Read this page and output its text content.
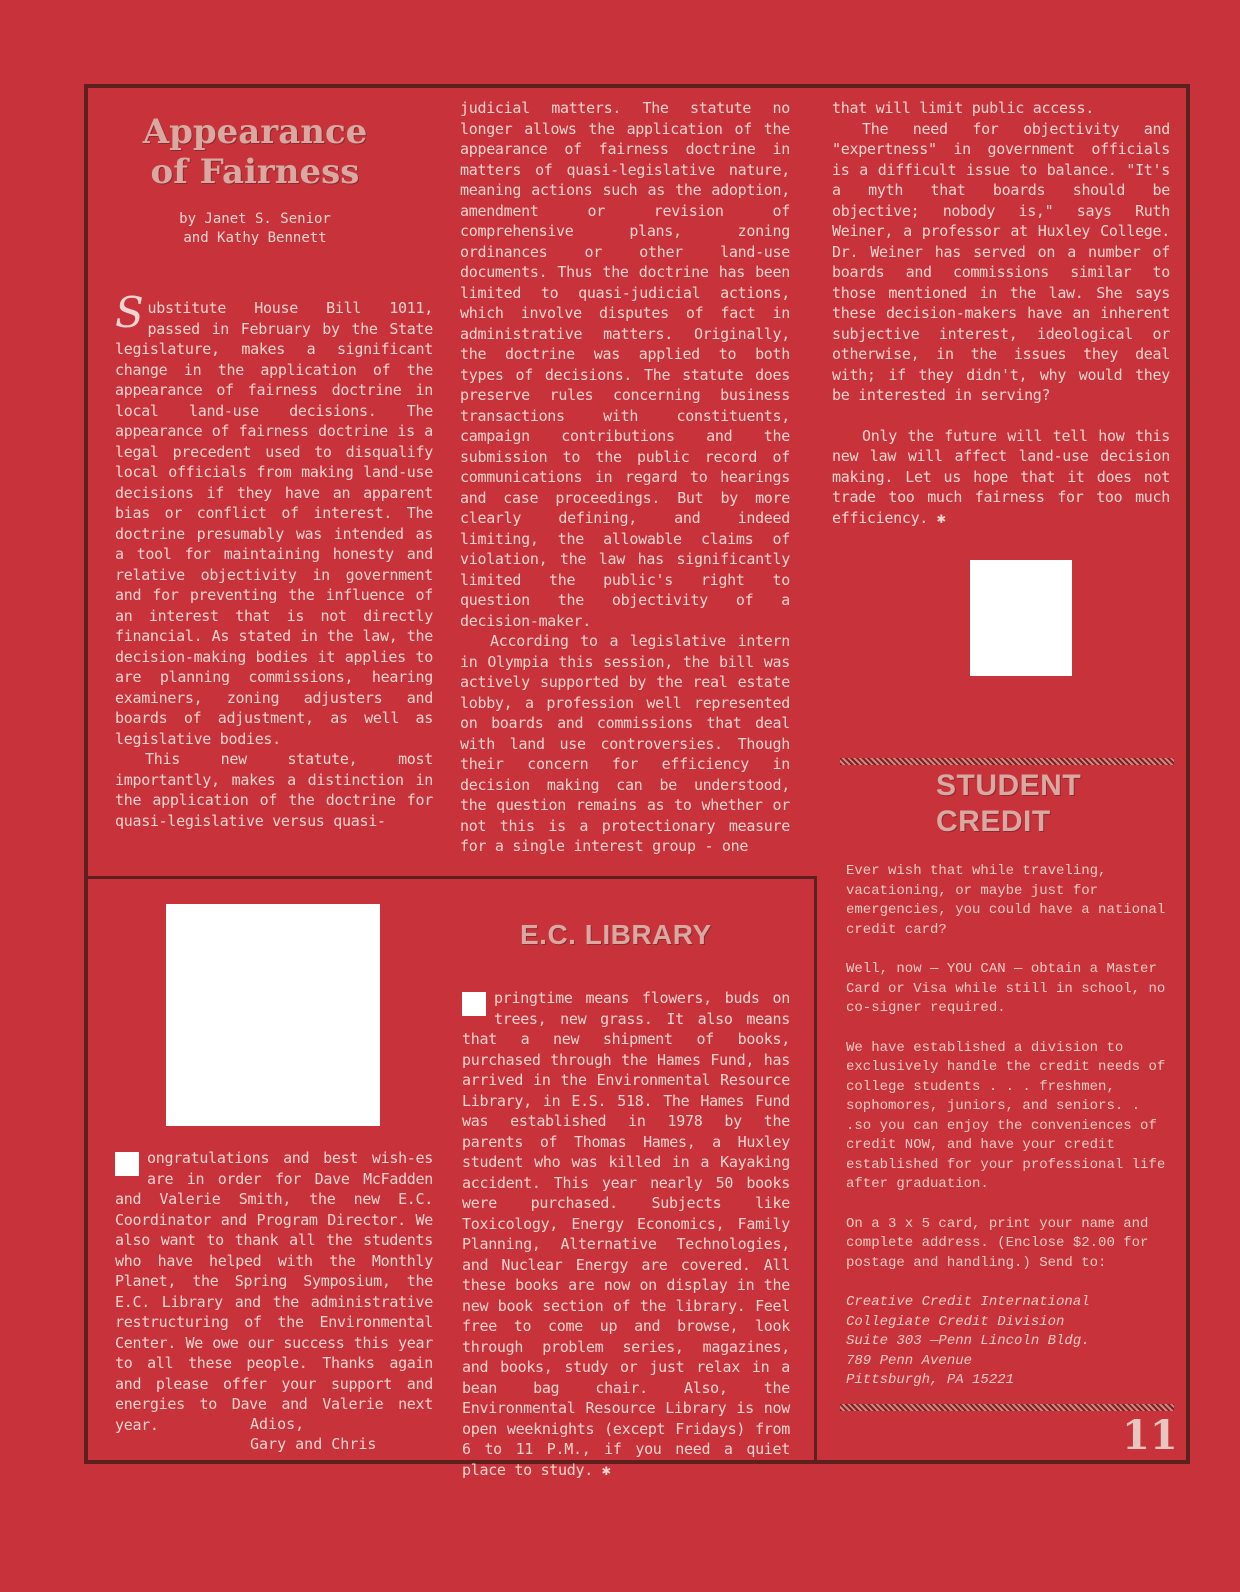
Appearance
of Fairness
by Janet S. Senior
and Kathy Bennett

Substitute House Bill 1011, passed in February by the State legislature, makes a significant change in the application of the appearance of fairness doctrine in local land-use decisions. The appearance of fairness doctrine is a legal precedent used to disqualify local officials from making land-use decisions if they have an apparent bias or conflict of interest. The doctrine presumably was intended as a tool for maintaining honesty and relative objectivity in government and for preventing the influence of an interest that is not directly financial. As stated in the law, the decision-making bodies it applies to are planning commissions, hearing examiners, zoning adjusters and boards of adjustment, as well as legislative bodies.

This new statute, most importantly, makes a distinction in the application of the doctrine for quasi-legislative versus quasi-

judicial matters. The statute no longer allows the application of the appearance of fairness doctrine in matters of quasi-legislative nature, meaning actions such as the adoption, amendment or revision of comprehensive plans, zoning ordinances or other land-use documents. Thus the doctrine has been limited to quasi-judicial actions, which involve disputes of fact in administrative matters. Originally, the doctrine was applied to both types of decisions. The statute does preserve rules concerning business transactions with constituents, campaign contributions and the submission to the public record of communications in regard to hearings and case proceedings. But by more clearly defining, and indeed limiting, the allowable claims of violation, the law has significantly limited the public's right to question the objectivity of a decision-maker.

According to a legislative intern in Olympia this session, the bill was actively supported by the real estate lobby, a profession well represented on boards and commissions that deal with land use controversies. Though their concern for efficiency in decision making can be understood, the question remains as to whether or not this is a protectionary measure for a single interest group - one

that will limit public access.

The need for objectivity and "expertness" in government officials is a difficult issue to balance. "It's a myth that boards should be objective; nobody is," says Ruth Weiner, a professor at Huxley College. Dr. Weiner has served on a number of boards and commissions similar to those mentioned in the law. She says these decision-makers have an inherent subjective interest, ideological or otherwise, in the issues they deal with; if they didn't, why would they be interested in serving?

Only the future will tell how this new law will affect land-use decision making. Let us hope that it does not trade too much fairness for too much efficiency. ✱

STUDENT
CREDIT

Ever wish that while traveling, vacationing, or maybe just for emergencies, you could have a national credit card?

Well, now — YOU CAN — obtain a Master Card or Visa while still in school, no co-signer required.

We have established a division to exclusively handle the credit needs of college students . . . freshmen, sophomores, juniors, and seniors. . .so you can enjoy the conveniences of credit NOW, and have your credit established for your professional life after graduation.

On a 3 x 5 card, print your name and complete address. (Enclose $2.00 for postage and handling.) Send to:

Creative Credit International
Collegiate Credit Division
Suite 303 —Penn Lincoln Bldg.
789 Penn Avenue
Pittsburgh, PA 15221
11

ongratulations and best wish-es are in order for Dave McFadden and Valerie Smith, the new E.C. Coordinator and Program Director. We also want to thank all the students who have helped with the Monthly Planet, the Spring Symposium, the E.C. Library and the administrative restructuring of the Environmental Center. We owe our success this year to all these people. Thanks again and please offer your support and energies to Dave and Valerie next year.	Adios,
Gary and Chris
E.C. LIBRARY

pringtime means flowers, buds on trees, new grass. It also means that a new shipment of books, purchased through the Hames Fund, has arrived in the Environmental Resource Library, in E.S. 518. The Hames Fund was established in 1978 by the parents of Thomas Hames, a Huxley student who was killed in a Kayaking accident. This year nearly 50 books were purchased. Subjects like Toxicology, Energy Economics, Family Planning, Alternative Technologies, and Nuclear Energy are covered. All these books are now on display in the new book section of the library. Feel free to come up and browse, look through problem series, magazines, and books, study or just relax in a bean bag chair. Also, the Environmental Resource Library is now open weeknights (except Fridays) from 6 to 11 P.M., if you need a quiet place to study. ✱
